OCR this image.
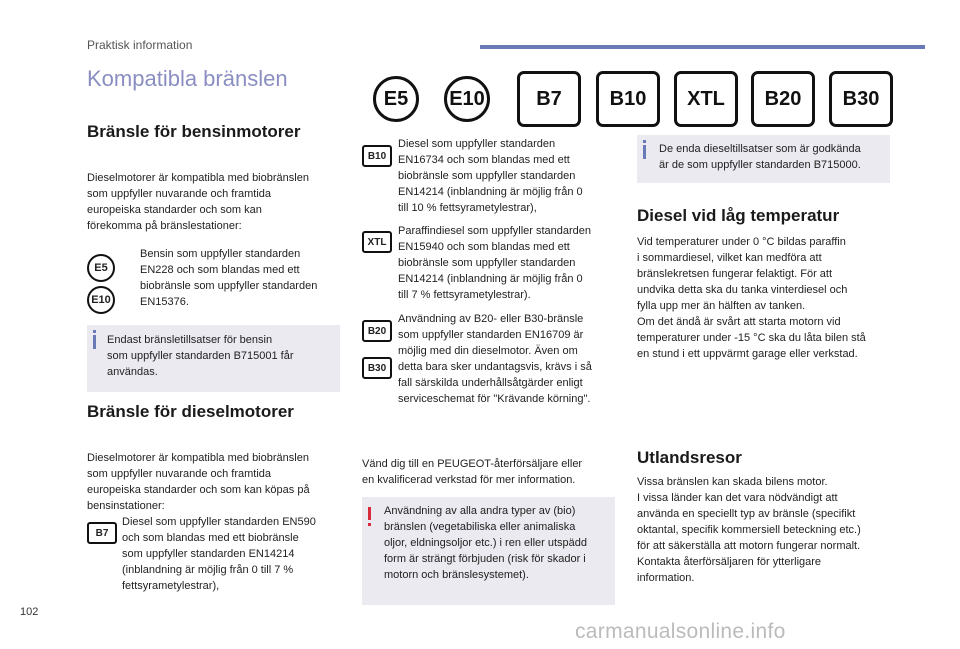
Praktisk information
Kompatibla bränslen
E5	E10	B7	B10	XTL	B20	B30
Bränsle för bensinmotorer
Dieselmotorer är kompatibla med biobränslen
som uppfyller nuvarande och framtida
europeiska standarder och som kan
förekomma på bränslestationer:
E5
E10
Bensin som uppfyller standarden
EN228 och som blandas med ett
biobränsle som uppfyller standarden
EN15376.
Endast bränsletillsatser för bensin
som uppfyller standarden B715001 får
användas.
Bränsle för dieselmotorer
Dieselmotorer är kompatibla med biobränslen
som uppfyller nuvarande och framtida
europeiska standarder och som kan köpas på
bensinstationer:
B7
Diesel som uppfyller standarden EN590
och som blandas med ett biobränsle
som uppfyller standarden EN14214
(inblandning är möjlig från 0 till 7 %
fettsyrametylestrar),
B10
Diesel som uppfyller standarden
EN16734 och som blandas med ett
biobränsle som uppfyller standarden
EN14214 (inblandning är möjlig från 0
till 10 % fettsyrametylestrar),
XTL
Paraffindiesel som uppfyller standarden
EN15940 och som blandas med ett
biobränsle som uppfyller standarden
EN14214 (inblandning är möjlig från 0
till 7 % fettsyrametylestrar).
B20
B30
Användning av B20- eller B30-bränsle
som uppfyller standarden EN16709 är
möjlig med din dieselmotor. Även om
detta bara sker undantagsvis, krävs i så
fall särskilda underhållsåtgärder enligt
serviceschemat för "Krävande körning".
Vänd dig till en PEUGEOT-återförsäljare eller
en kvalificerad verkstad för mer information.
Användning av alla andra typer av (bio)
bränslen (vegetabiliska eller animaliska
oljor, eldningsoljor etc.) i ren eller utspädd
form är strängt förbjuden (risk för skador i
motorn och bränslesystemet).
De enda dieseltillsatser som är godkända
är de som uppfyller standarden B715000.
Diesel vid låg temperatur
Vid temperaturer under 0 °C bildas paraffin
i sommardiesel, vilket kan medföra att
bränslekretsen fungerar felaktigt. För att
undvika detta ska du tanka vinterdiesel och
fylla upp mer än hälften av tanken.
Om det ändå är svårt att starta motorn vid
temperaturer under -15 °C ska du låta bilen stå
en stund i ett uppvärmt garage eller verkstad.
Utlandsresor
Vissa bränslen kan skada bilens motor.
I vissa länder kan det vara nödvändigt att
använda en speciellt typ av bränsle (specifikt
oktantal, specifik kommersiell beteckning etc.)
för att säkerställa att motorn fungerar normalt.
Kontakta återförsäljaren för ytterligare
information.
102
carmanualsonline.info
